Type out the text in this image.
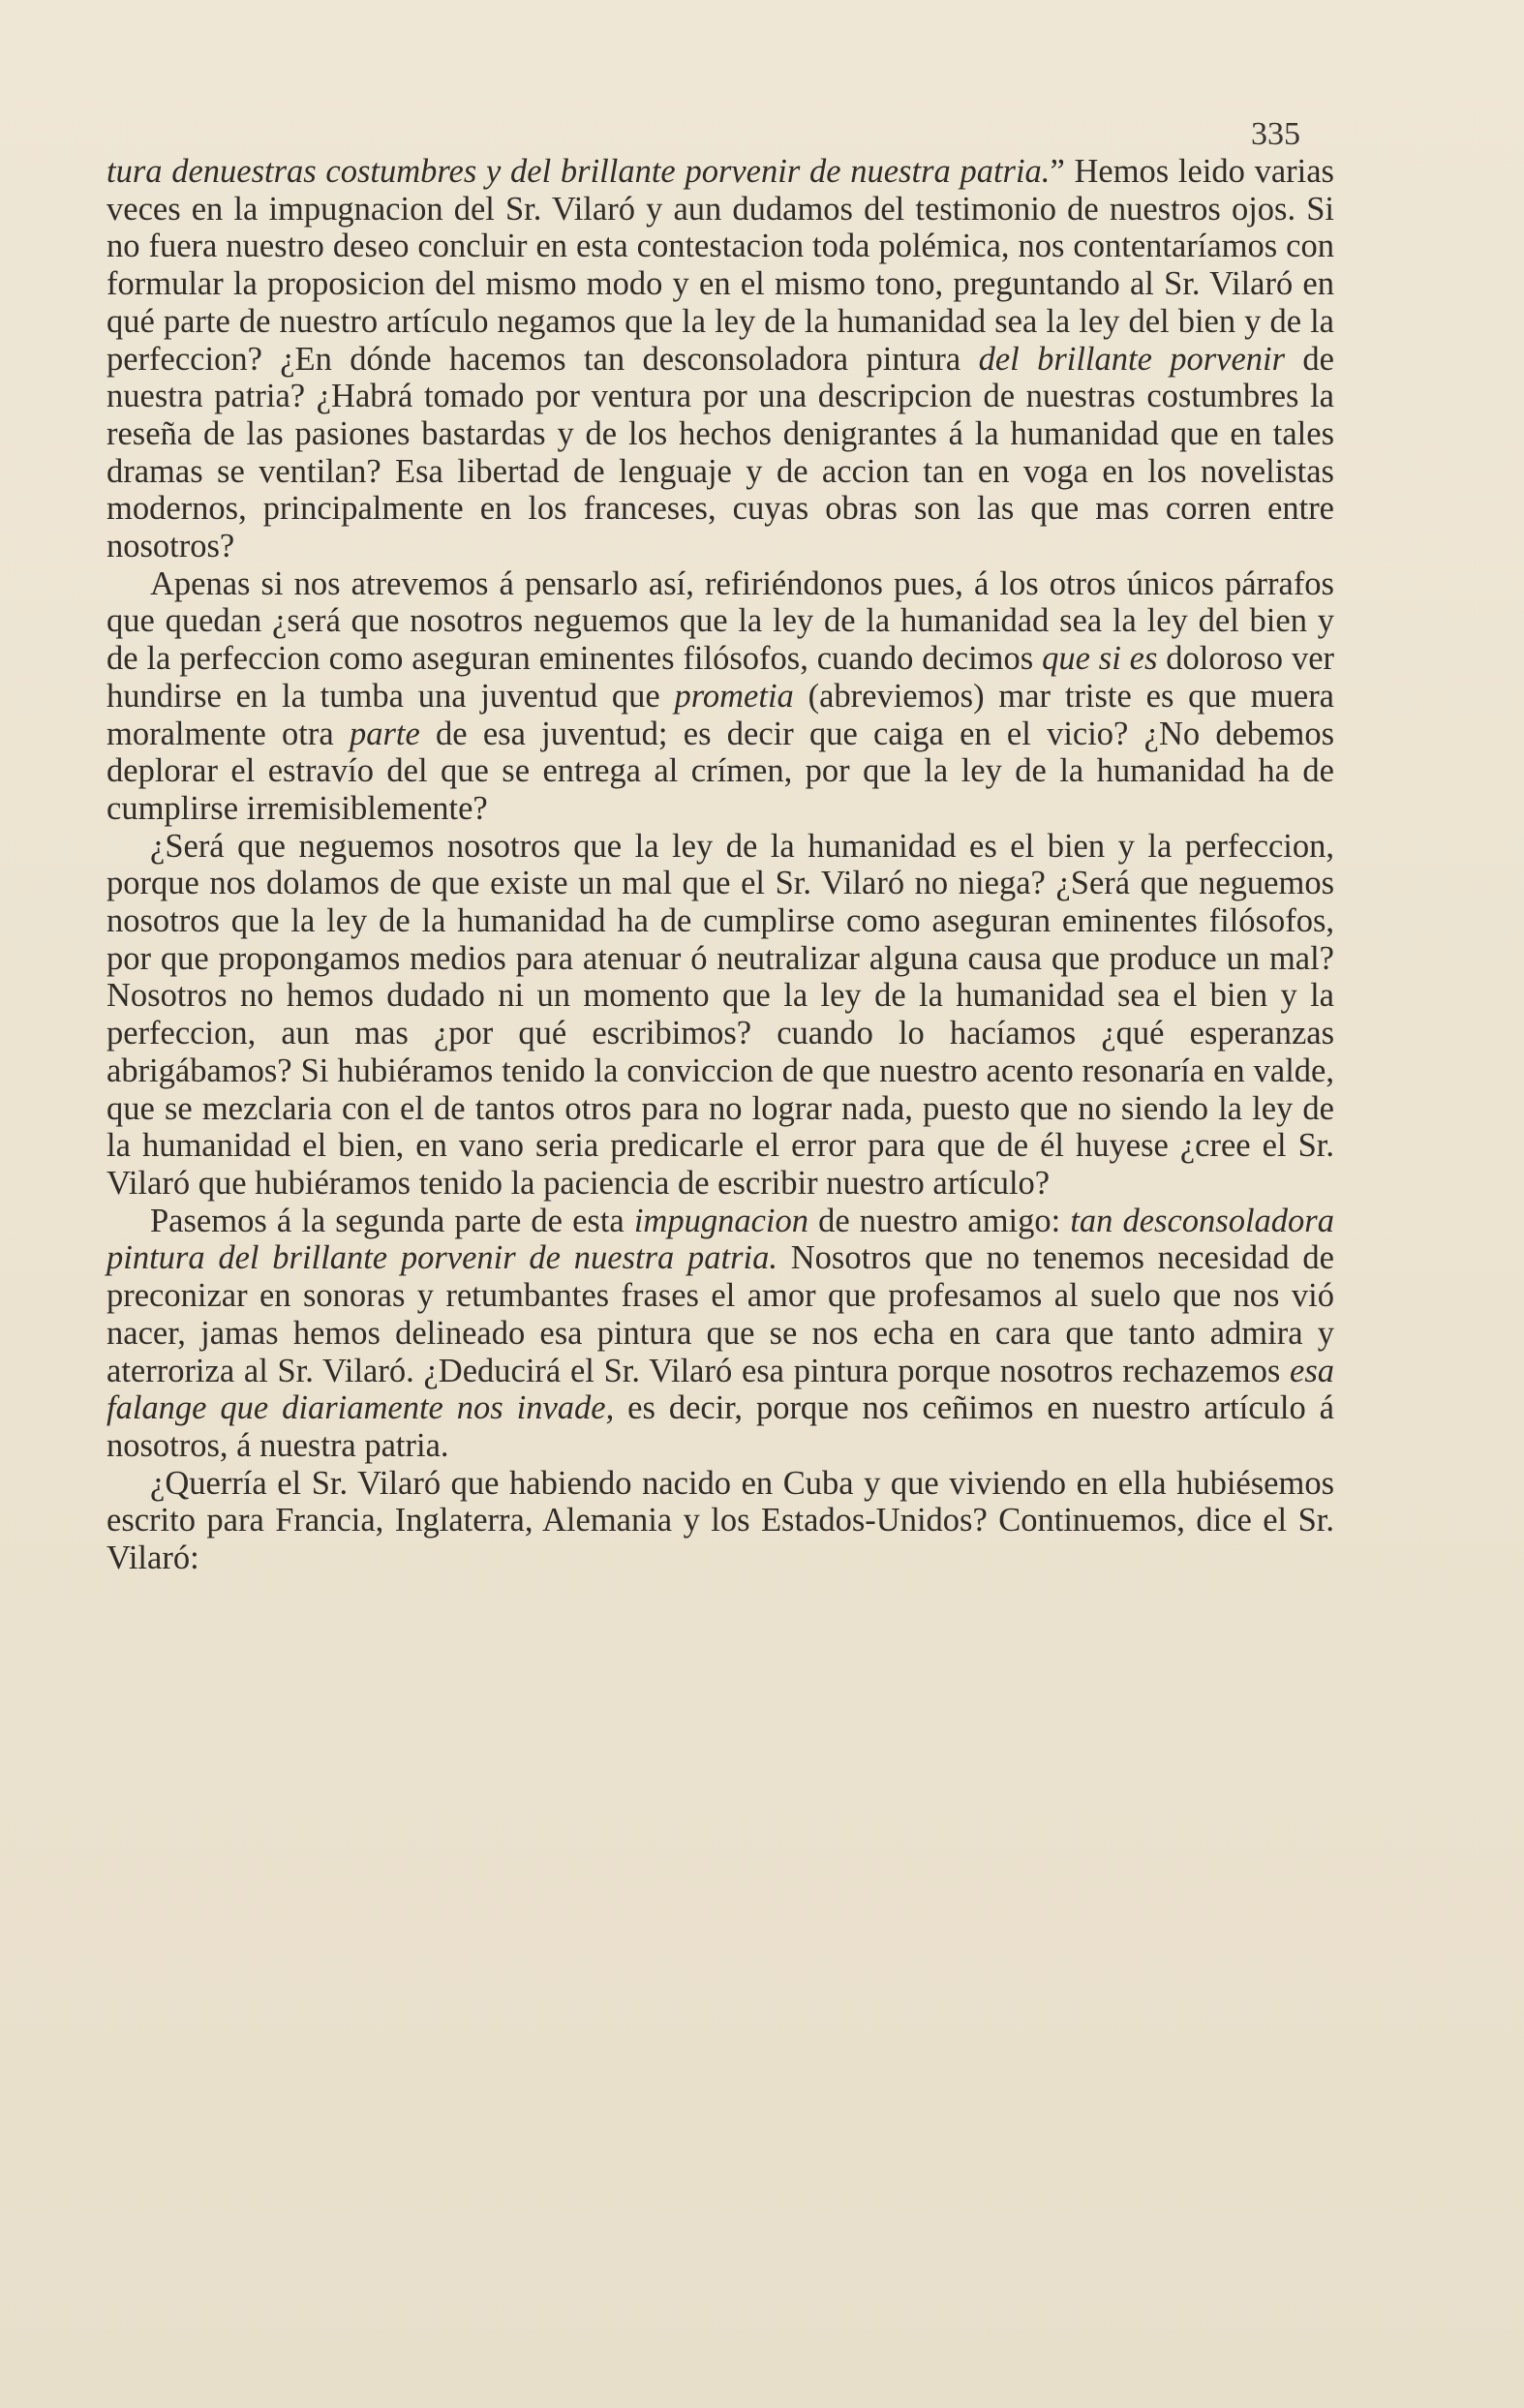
335

tura denuestras costumbres y del brillante porvenir de nuestra patria.” Hemos leido varias veces en la impugnacion del Sr. Vilaró y aun dudamos del testimonio de nuestros ojos. Si no fuera nuestro deseo concluir en esta contestacion toda polémica, nos contentaríamos con formular la proposicion del mismo modo y en el mismo tono, preguntando al Sr. Vilaró en qué parte de nuestro artículo negamos que la ley de la humanidad sea la ley del bien y de la perfeccion? ¿En dónde hacemos tan desconsoladora pintura del brillante porvenir de nuestra patria? ¿Habrá tomado por ventura por una descripcion de nuestras costumbres la reseña de las pasiones bastardas y de los hechos denigrantes á la humanidad que en tales dramas se ventilan? Esa libertad de lenguaje y de accion tan en voga en los novelistas modernos, principalmente en los franceses, cuyas obras son las que mas corren entre nosotros?

Apenas si nos atrevemos á pensarlo así, refiriéndonos pues, á los otros únicos párrafos que quedan ¿será que nosotros neguemos que la ley de la humanidad sea la ley del bien y de la perfeccion como aseguran eminentes filósofos, cuando decimos que si es doloroso ver hundirse en la tumba una juventud que prometia (abreviemos) mar triste es que muera moralmente otra parte de esa juventud; es decir que caiga en el vicio? ¿No debemos deplorar el estravío del que se entrega al crímen, por que la ley de la humanidad ha de cumplirse irremisiblemente?

¿Será que neguemos nosotros que la ley de la humanidad es el bien y la perfeccion, porque nos dolamos de que existe un mal que el Sr. Vilaró no niega? ¿Será que neguemos nosotros que la ley de la humanidad ha de cumplirse como aseguran eminentes filósofos, por que propongamos medios para atenuar ó neutralizar alguna causa que produce un mal? Nosotros no hemos dudado ni un momento que la ley de la humanidad sea el bien y la perfeccion, aun mas ¿por qué escribimos? cuando lo hacíamos ¿qué esperanzas abrigábamos? Si hubiéramos tenido la conviccion de que nuestro acento resonaría en valde, que se mezclaria con el de tantos otros para no lograr nada, puesto que no siendo la ley de la humanidad el bien, en vano seria predicarle el error para que de él huyese ¿cree el Sr. Vilaró que hubiéramos tenido la paciencia de escribir nuestro artículo?

Pasemos á la segunda parte de esta impugnacion de nuestro amigo: tan desconsoladora pintura del brillante porvenir de nuestra patria. Nosotros que no tenemos necesidad de preconizar en sonoras y retumbantes frases el amor que profesamos al suelo que nos vió nacer, jamas hemos delineado esa pintura que se nos echa en cara que tanto admira y aterroriza al Sr. Vilaró. ¿Deducirá el Sr. Vilaró esa pintura porque nosotros rechazemos esa falange que diariamente nos invade, es decir, porque nos ceñimos en nuestro artículo á nosotros, á nuestra patria.

¿Querría el Sr. Vilaró que habiendo nacido en Cuba y que viviendo en ella hubiésemos escrito para Francia, Inglaterra, Alemania y los Estados-Unidos? Continuemos, dice el Sr. Vilaró:
